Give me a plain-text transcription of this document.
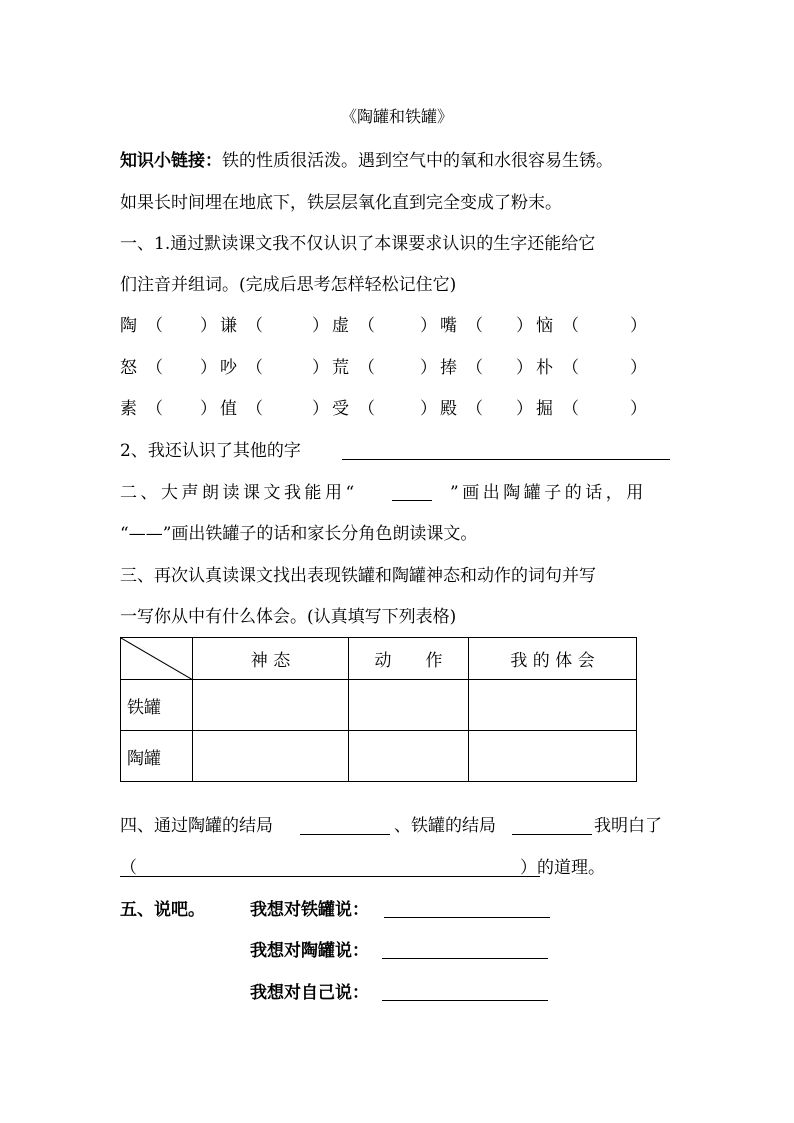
《陶罐和铁罐》
知识小链接：铁的性质很活泼。遇到空气中的氧和水很容易生锈。
如果长时间埋在地底下，铁层层氧化直到完全变成了粉末。
一、1.通过默读课文我不仅认识了本课要求认识的生字还能给它
们注音并组词。(完成后思考怎样轻松记住它)
陶 （ ） 谦 （	） 虚 （	） 嘴 （ ） 恼 （	）
怒 （ ） 吵 （	） 荒 （	） 捧 （ ） 朴 （	）
素 （ ） 值 （	） 受 （	） 殿 （ ） 掘 （	）
2、我还认识了其他的字
二、大声朗读课文我能用“	”画出陶罐子的话，用
“——”画出铁罐子的话和家长分角色朗读课文。
三、再次认真读课文找出表现铁罐和陶罐神态和动作的词句并写
一写你从中有什么体会。(认真填写下列表格)
	神 态	动　　作	我 的 体 会
铁罐			
陶罐			
四、通过陶罐的结局	、铁罐的结局	我明白了
（	）的道理。
五、说吧。	我想对铁罐说：
我想对陶罐说：
我想对自己说：
